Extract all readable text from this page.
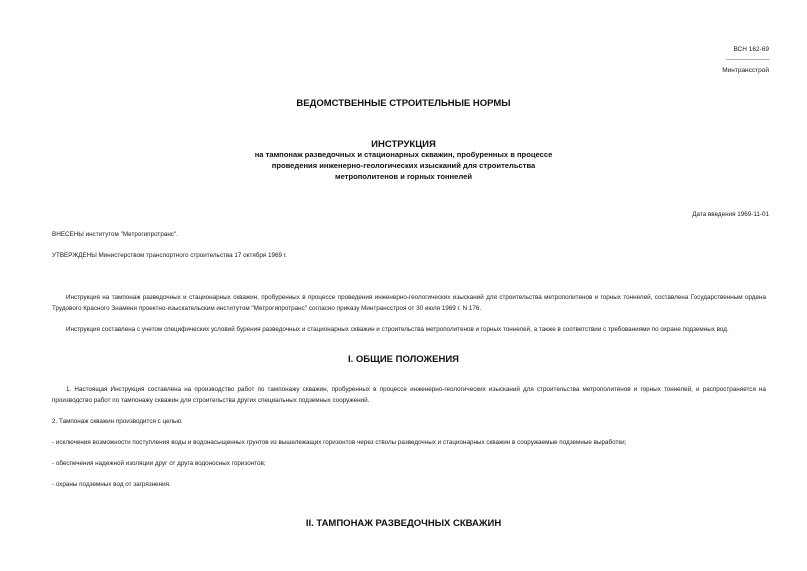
ВСН 162-69
--------------------------
Минтрансстрой
ВЕДОМСТВЕННЫЕ СТРОИТЕЛЬНЫЕ НОРМЫ
ИНСТРУКЦИЯ
на тампонаж разведочных и стационарных скважин, пробуренных в процессе
проведения инженерно-геологических изысканий для строительства
метрополитенов и горных тоннелей
Дата введения 1969-11-01
ВНЕСЕНЫ институтом "Метрогипротранс".
УТВЕРЖДЕНЫ Министерством транспортного строительства 17 октября 1969 г.
Инструкция на тампонаж разведочных и стационарных скважин, пробуренных в процессе проведения инженерно-геологических изысканий для строительства метрополитенов и горных тоннелей, составлена Государственным ордена Трудового Красного Знамени проектно-изыскательским институтом "Метрогипротранс" согласно приказу Минтрансстроя от 30 июля 1969 г. N 176.
Инструкция составлена с учетом специфических условий бурения разведочных и стационарных скважин и строительства метрополитенов и горных тоннелей, а также в соответствии с требованиями по охране подземных вод.
I. ОБЩИЕ ПОЛОЖЕНИЯ
1. Настоящая Инструкция составлена на производство работ по тампонажу скважин, пробуренных в процессе инженерно-геологических изысканий для строительства метрополитенов и горных тоннелей, и распространяется на производство работ по тампонажу скважин для строительства других специальных подземных сооружений.
2. Тампонаж скважин производится с целью:
- исключения возможности поступления воды и водонасыщенных грунтов из вышележащих горизонтов через стволы разведочных и стационарных скважин в сооружаемые подземные выработки;
- обеспечения надежной изоляции друг от друга водоносных горизонтов;
- охраны подземных вод от загрязнения.
II. ТАМПОНАЖ РАЗВЕДОЧНЫХ СКВАЖИН
